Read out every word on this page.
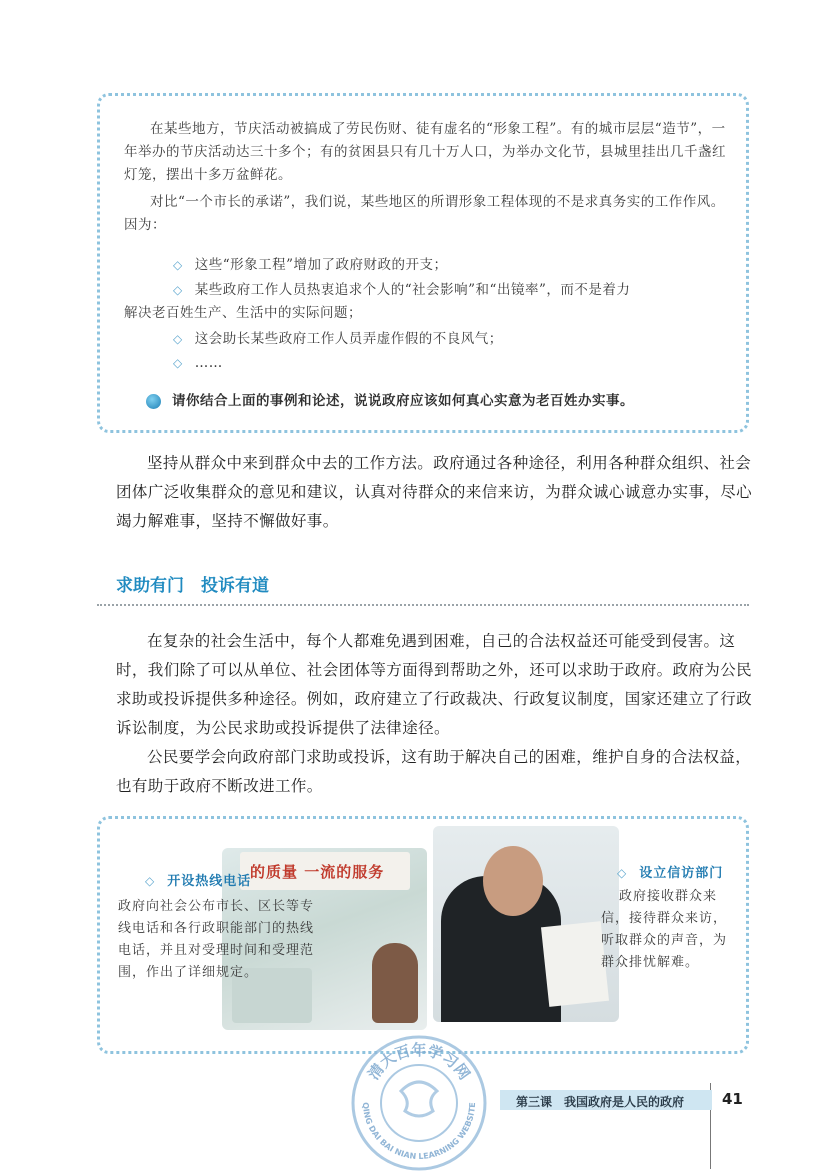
在某些地方，节庆活动被搞成了劳民伤财、徒有虚名的“形象工程”。有的城市层层“造节”，一年举办的节庆活动达三十多个；有的贫困县只有几十万人口，为举办文化节，县城里挂出几千盏红灯笼，摆出十多万盆鲜花。

对比“一个市长的承诺”，我们说，某些地区的所谓形象工程体现的不是求真务实的工作作风。因为：

◇ 这些“形象工程”增加了政府财政的开支；
◇ 某些政府工作人员热衷追求个人的“社会影响”和“出镜率”，而不是着力
解决老百姓生产、生活中的实际问题；
◇ 这会助长某些政府工作人员弄虚作假的不良风气；
◇ ……
请你结合上面的事例和论述，说说政府应该如何真心实意为老百姓办实事。

坚持从群众中来到群众中去的工作方法。政府通过各种途径，利用各种群众组织、社会团体广泛收集群众的意见和建议，认真对待群众的来信来访，为群众诚心诚意办实事，尽心竭力解难事，坚持不懈做好事。

求助有门　投诉有道

在复杂的社会生活中，每个人都难免遇到困难，自己的合法权益还可能受到侵害。这时，我们除了可以从单位、社会团体等方面得到帮助之外，还可以求助于政府。政府为公民求助或投诉提供多种途径。例如，政府建立了行政裁决、行政复议制度，国家还建立了行政诉讼制度，为公民求助或投诉提供了法律途径。

公民要学会向政府部门求助或投诉，这有助于解决自己的困难，维护自身的合法权益，也有助于政府不断改进工作。

的质量 一流的服务
◇ 开设热线电话
政府向社会公布市长、区长等专线电话和各行政职能部门的热线电话，并且对受理时间和受理范围，作出了详细规定。
◇ 设立信访部门
政府接收群众来信，接待群众来访，听取群众的声音，为群众排忧解难。
清大百年学习网
QING DAI BAI NIAN LEARNING WEBSITE	第三课　我国政府是人民的政府	41
